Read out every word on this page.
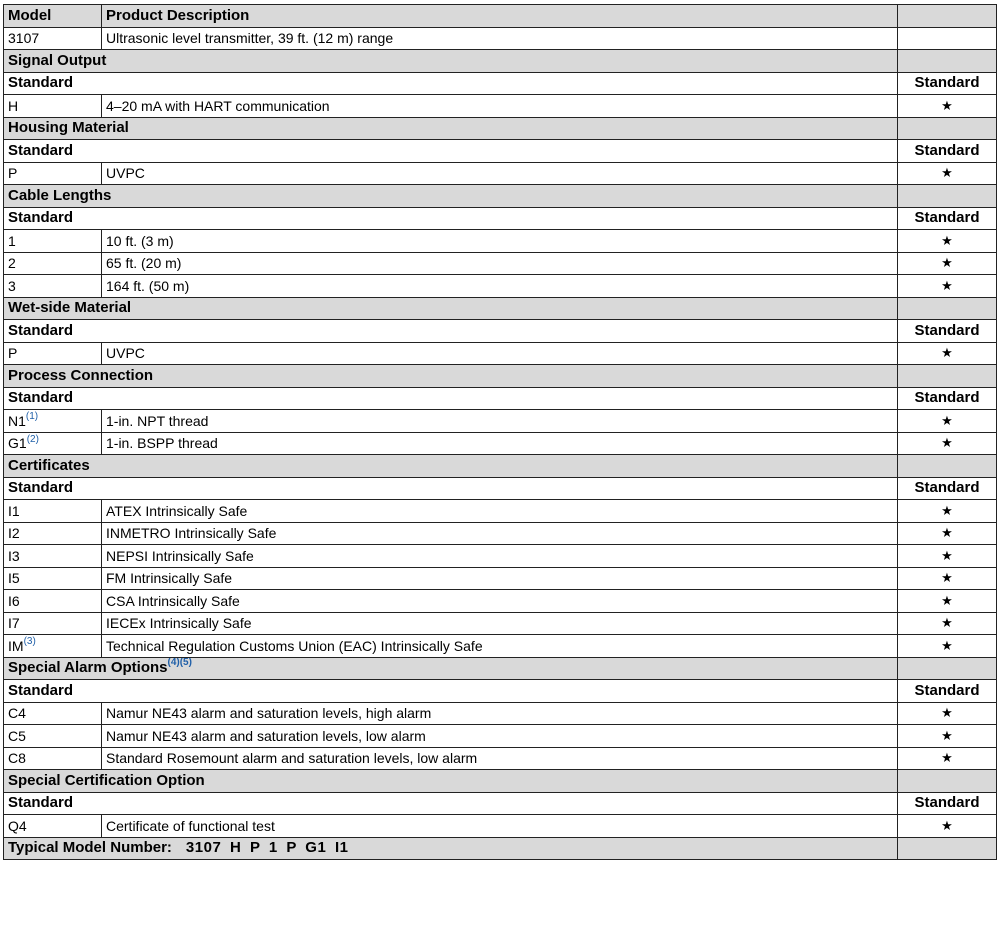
Model	Product Description	
3107	Ultrasonic level transmitter, 39 ft. (12 m) range	
Signal Output		
Standard		Standard
H	4–20 mA with HART communication	★
Housing Material		
Standard		Standard
P	UVPC	★
Cable Lengths		
Standard		Standard
1	10 ft. (3 m)	★
2	65 ft. (20 m)	★
3	164 ft. (50 m)	★
Wet-side Material		
Standard		Standard
P	UVPC	★
Process Connection		
Standard		Standard
N1$^{(1)}$	1-in. NPT thread	★
G1$^{(2)}$	1-in. BSPP thread	★
Certificates		
Standard		Standard
I1	ATEX Intrinsically Safe	★
I2	INMETRO Intrinsically Safe	★
I3	NEPSI Intrinsically Safe	★
I5	FM Intrinsically Safe	★
I6	CSA Intrinsically Safe	★
I7	IECEx Intrinsically Safe	★
IM$^{(3)}$	Technical Regulation Customs Union (EAC) Intrinsically Safe	★
Special Alarm Options$^{(4)(5)}$	
Standard		Standard
C4	Namur NE43 alarm and saturation levels, high alarm	★
C5	Namur NE43 alarm and saturation levels, low alarm	★
C8	Standard Rosemount alarm and saturation levels, low alarm	★
Special Certification Option		
Standard		Standard
Q4	Certificate of functional test	★
Typical Model Number: 3107 H P 1 P G1 I1		
